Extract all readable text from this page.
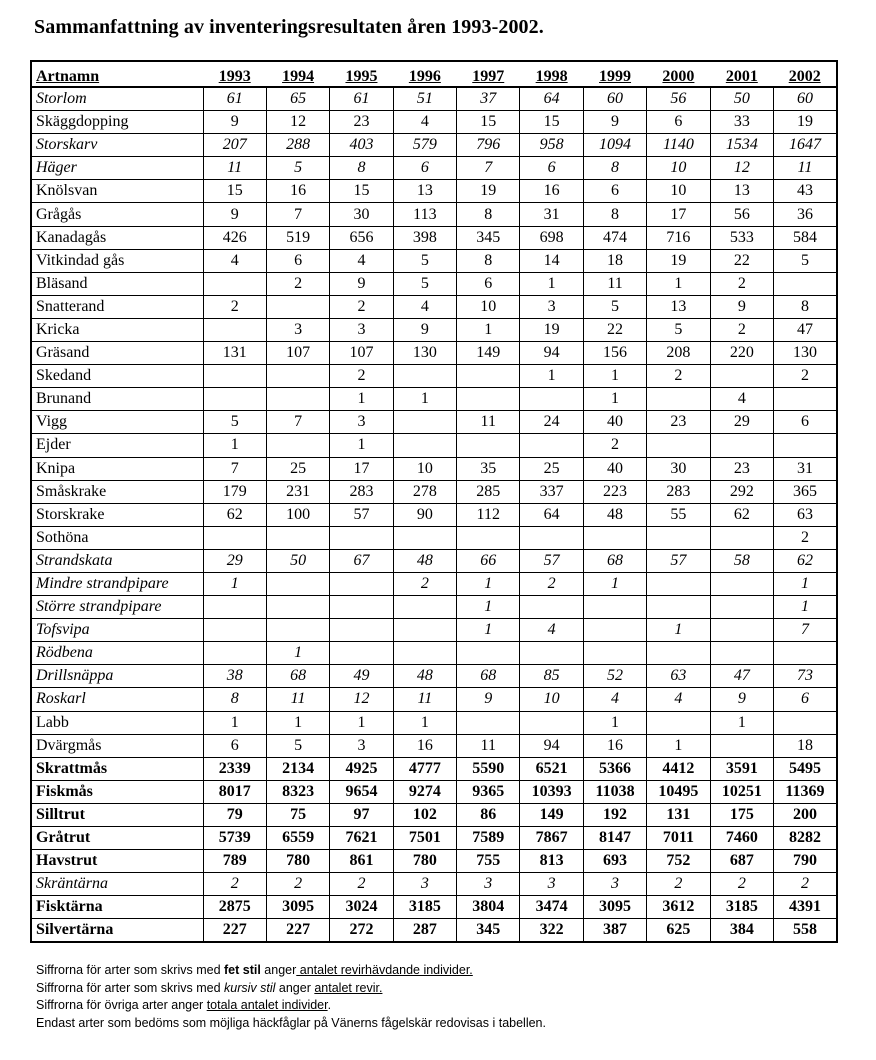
Sammanfattning av inventeringsresultaten åren 1993-2002.
Artnamn	1993	1994	1995	1996	1997	1998	1999	2000	2001	2002
Storlom	61	65	61	51	37	64	60	56	50	60
Skäggdopping	9	12	23	4	15	15	9	6	33	19
Storskarv	207	288	403	579	796	958	1094	1140	1534	1647
Häger	11	5	8	6	7	6	8	10	12	11
Knölsvan	15	16	15	13	19	16	6	10	13	43
Grågås	9	7	30	113	8	31	8	17	56	36
Kanadagås	426	519	656	398	345	698	474	716	533	584
Vitkindad gås	4	6	4	5	8	14	18	19	22	5
Bläsand		2	9	5	6	1	11	1	2	
Snatterand	2		2	4	10	3	5	13	9	8
Kricka		3	3	9	1	19	22	5	2	47
Gräsand	131	107	107	130	149	94	156	208	220	130
Skedand			2			1	1	2		2
Brunand			1	1			1		4	
Vigg	5	7	3		11	24	40	23	29	6
Ejder	1		1				2			
Knipa	7	25	17	10	35	25	40	30	23	31
Småskrake	179	231	283	278	285	337	223	283	292	365
Storskrake	62	100	57	90	112	64	48	55	62	63
Sothöna										2
Strandskata	29	50	67	48	66	57	68	57	58	62
Mindre strandpipare	1			2	1	2	1			1
Större strandpipare					1					1
Tofsvipa					1	4		1		7
Rödbena		1								
Drillsnäppa	38	68	49	48	68	85	52	63	47	73
Roskarl	8	11	12	11	9	10	4	4	9	6
Labb	1	1	1	1			1		1	
Dvärgmås	6	5	3	16	11	94	16	1		18
Skrattmås	2339	2134	4925	4777	5590	6521	5366	4412	3591	5495
Fiskmås	8017	8323	9654	9274	9365	10393	11038	10495	10251	11369
Silltrut	79	75	97	102	86	149	192	131	175	200
Gråtrut	5739	6559	7621	7501	7589	7867	8147	7011	7460	8282
Havstrut	789	780	861	780	755	813	693	752	687	790
Skräntärna	2	2	2	3	3	3	3	2	2	2
Fisktärna	2875	3095	3024	3185	3804	3474	3095	3612	3185	4391
Silvertärna	227	227	272	287	345	322	387	625	384	558
Siffrorna för arter som skrivs med fet stil anger antalet revirhävdande individer.
Siffrorna för arter som skrivs med kursiv stil anger antalet revir.
Siffrorna för övriga arter anger totala antalet individer.
Endast arter som bedöms som möjliga häckfåglar på Vänerns fågelskär redovisas i tabellen.
